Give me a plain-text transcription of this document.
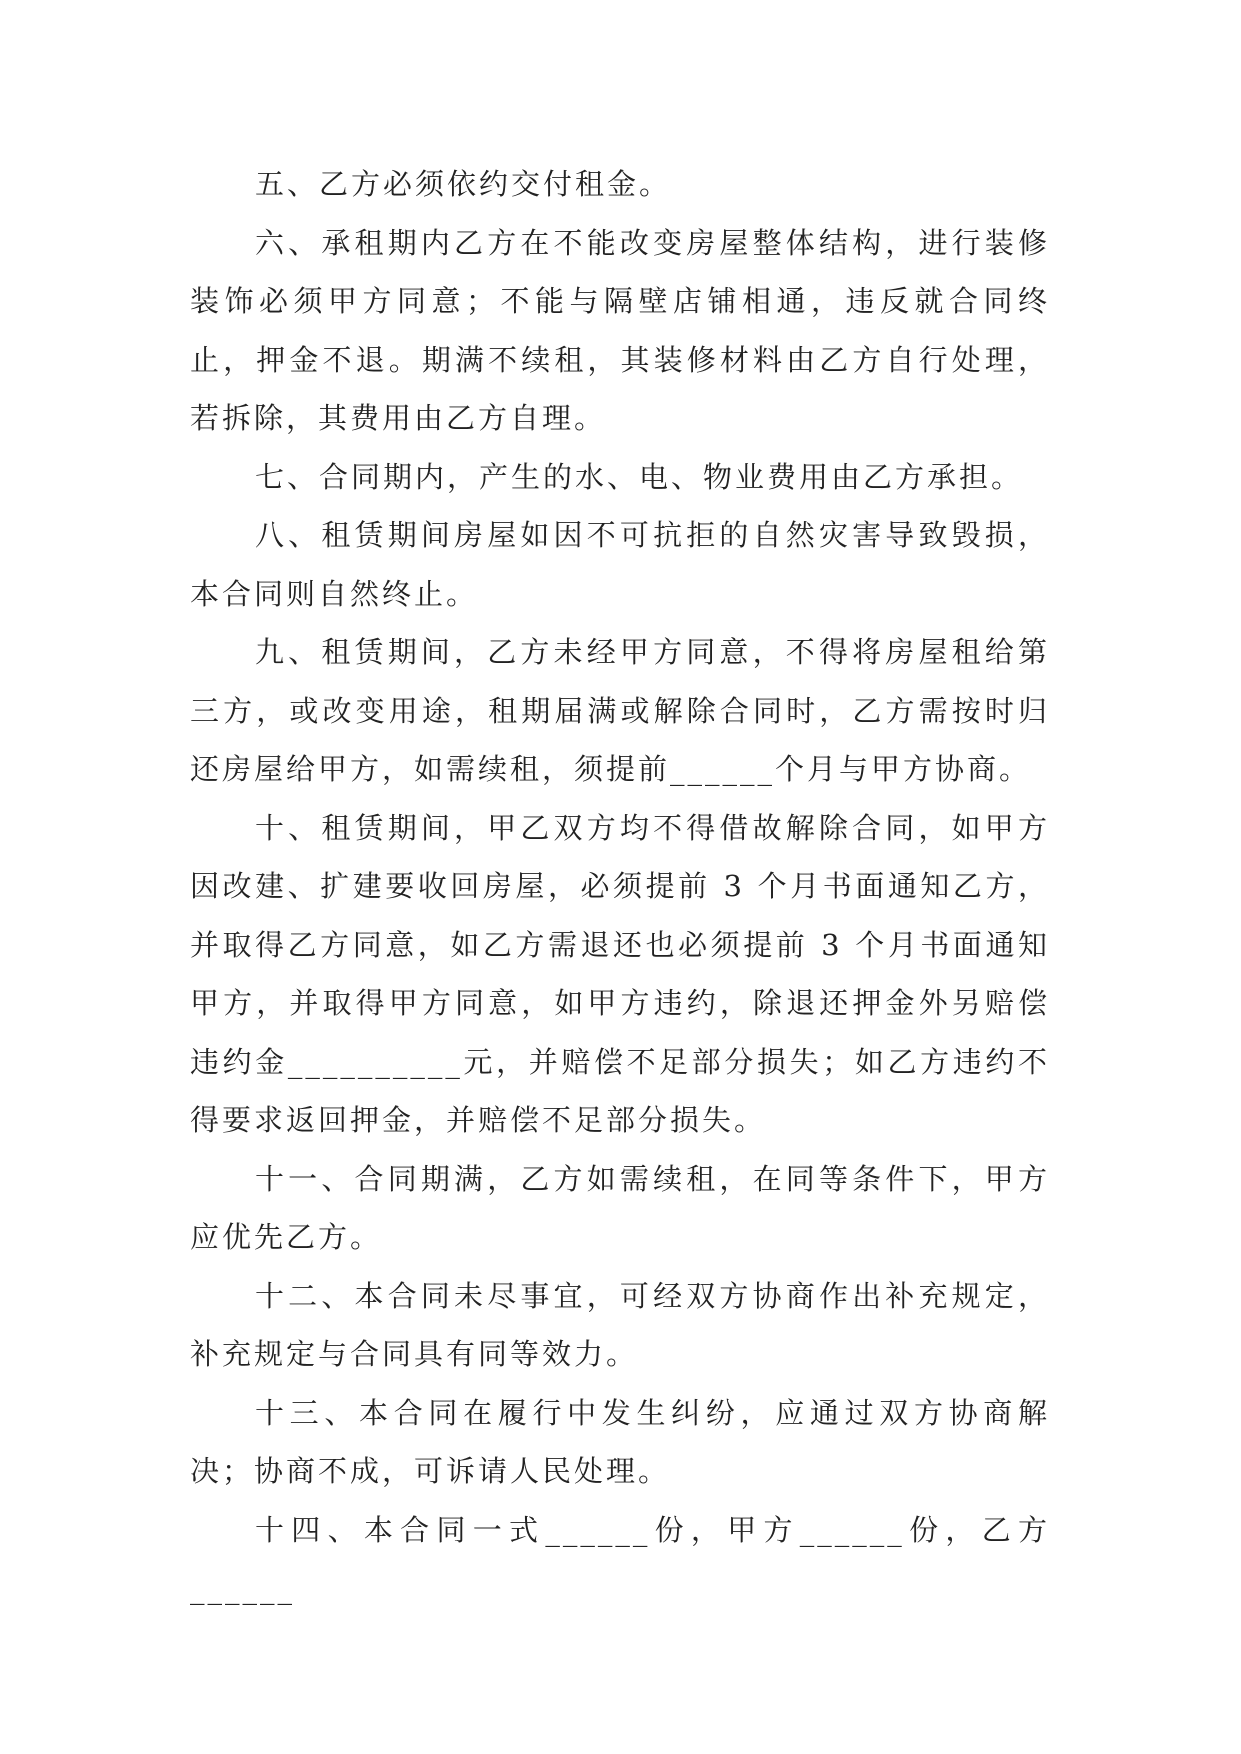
五、乙方必须依约交付租金。

六、承租期内乙方在不能改变房屋整体结构，进行装修装饰必须甲方同意；不能与隔壁店铺相通，违反就合同终止，押金不退。期满不续租，其装修材料由乙方自行处理，若拆除，其费用由乙方自理。

七、合同期内，产生的水、电、物业费用由乙方承担。

八、租赁期间房屋如因不可抗拒的自然灾害导致毁损，本合同则自然终止。

九、租赁期间，乙方未经甲方同意，不得将房屋租给第三方，或改变用途，租期届满或解除合同时，乙方需按时归还房屋给甲方，如需续租，须提前______个月与甲方协商。

十、租赁期间，甲乙双方均不得借故解除合同，如甲方因改建、扩建要收回房屋，必须提前 3 个月书面通知乙方，并取得乙方同意，如乙方需退还也必须提前 3 个月书面通知甲方，并取得甲方同意，如甲方违约，除退还押金外另赔偿违约金__________元，并赔偿不足部分损失；如乙方违约不得要求返回押金，并赔偿不足部分损失。

十一、合同期满，乙方如需续租，在同等条件下，甲方应优先乙方。

十二、本合同未尽事宜，可经双方协商作出补充规定，补充规定与合同具有同等效力。

十三、本合同在履行中发生纠纷，应通过双方协商解决；协商不成，可诉请人民处理。

十四、本合同一式______份，甲方______份，乙方______
